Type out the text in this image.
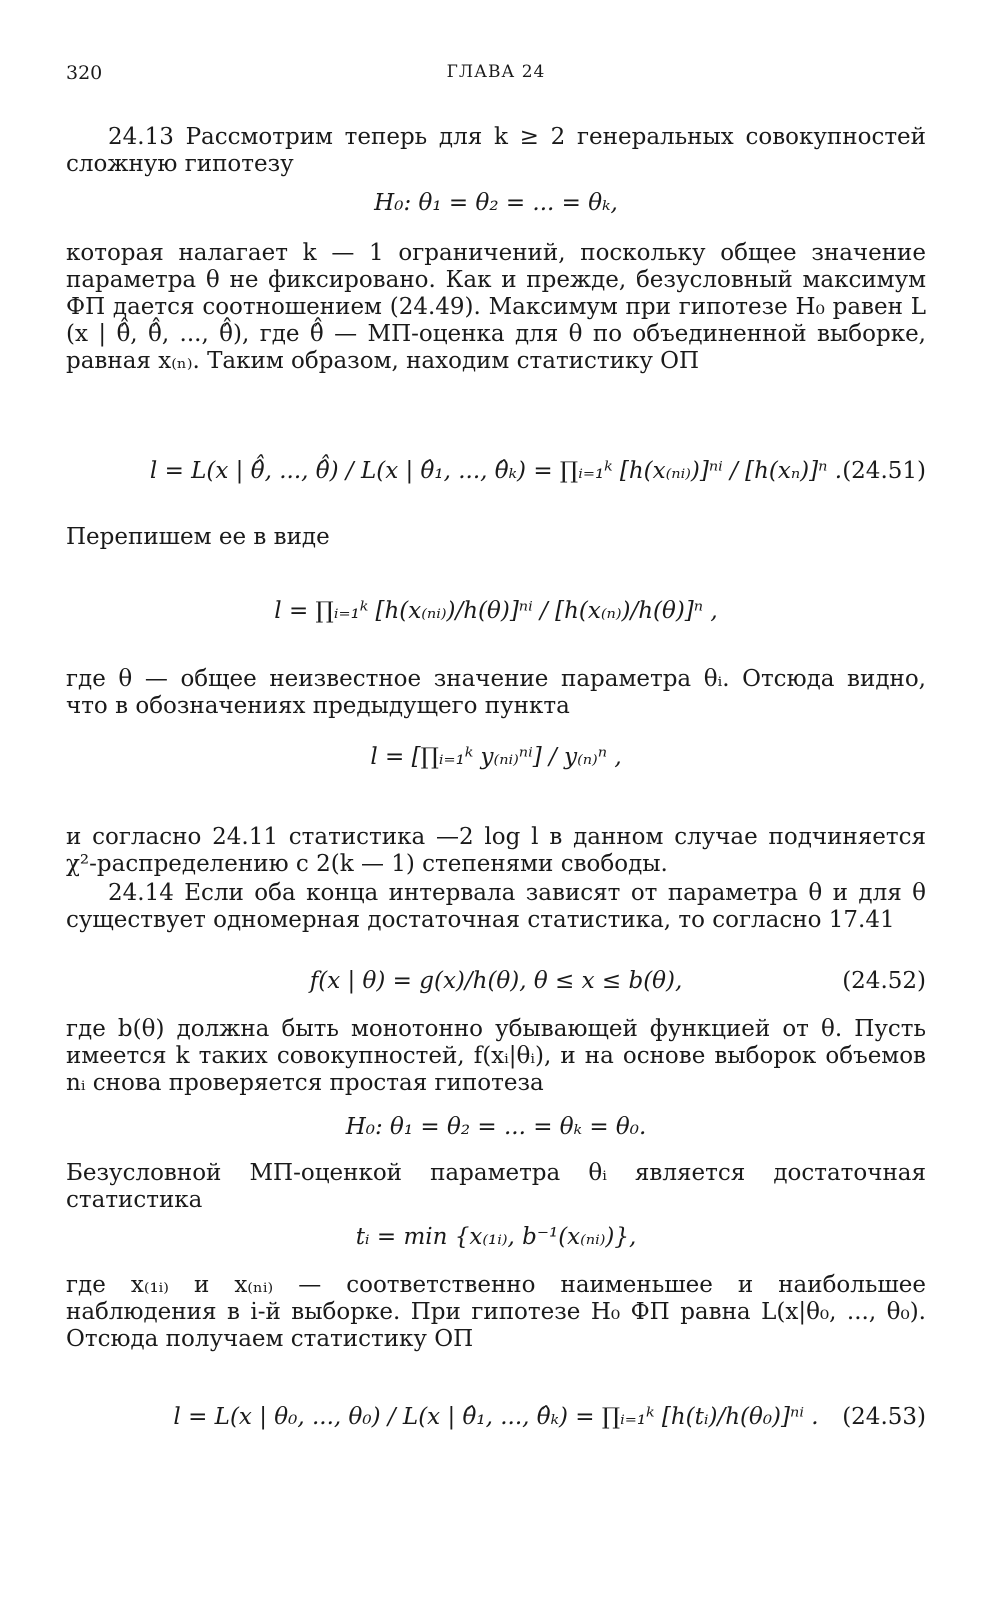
320	ГЛАВА 24
24.13 Рассмотрим теперь для k ≥ 2 генеральных совокупностей сложную гипотезу
H₀: θ₁ = θ₂ = ... = θₖ,
которая налагает k — 1 ограничений, поскольку общее значение параметра θ не фиксировано. Как и прежде, безусловный максимум ФП дается соотношением (24.49). Максимум при гипотезе H₀ равен L (x | θ̂̂, θ̂̂, ..., θ̂̂), где θ̂̂ — МП-оценка для θ по объединенной выборке, равная x₍ₙ₎. Таким образом, находим статистику ОП
l = L(x | θ̂̂, ..., θ̂̂) / L(x | θ̂₁, ..., θ̂ₖ) = ∏ᵢ₌₁ᵏ [h(x₍ₙᵢ₎)]ⁿⁱ / [h(xₙ)]ⁿ . (24.51)
Перепишем ее в виде
l = ∏ᵢ₌₁ᵏ [h(x₍ₙᵢ₎)/h(θ)]ⁿⁱ / [h(x₍ₙ₎)/h(θ)]ⁿ ,
где θ — общее неизвестное значение параметра θᵢ. Отсюда видно, что в обозначениях предыдущего пункта
l = [∏ᵢ₌₁ᵏ y₍ₙᵢ₎ⁿⁱ] / y₍ₙ₎ⁿ ,
и согласно 24.11 статистика —2 log l в данном случае подчиняется χ²-распределению с 2(k — 1) степенями свободы.
24.14 Если оба конца интервала зависят от параметра θ и для θ существует одномерная достаточная статистика, то согласно 17.41
f(x | θ) = g(x)/h(θ), θ ≤ x ≤ b(θ),	(24.52)
где b(θ) должна быть монотонно убывающей функцией от θ. Пусть имеется k таких совокупностей, f(xᵢ|θᵢ), и на основе выборок объемов nᵢ снова проверяется простая гипотеза
H₀: θ₁ = θ₂ = ... = θₖ = θ₀.
Безусловной МП-оценкой параметра θᵢ является достаточная статистика
tᵢ = min {x₍₁ᵢ₎, b⁻¹(x₍ₙᵢ₎)},
где x₍₁ᵢ₎ и x₍ₙᵢ₎ — соответственно наименьшее и наибольшее наблюдения в i-й выборке. При гипотезе H₀ ФП равна L(x|θ₀, ..., θ₀). Отсюда получаем статистику ОП
l = L(x | θ₀, ..., θ₀) / L(x | θ̂₁, ..., θ̂ₖ) = ∏ᵢ₌₁ᵏ [h(tᵢ)/h(θ₀)]ⁿⁱ .	(24.53)
